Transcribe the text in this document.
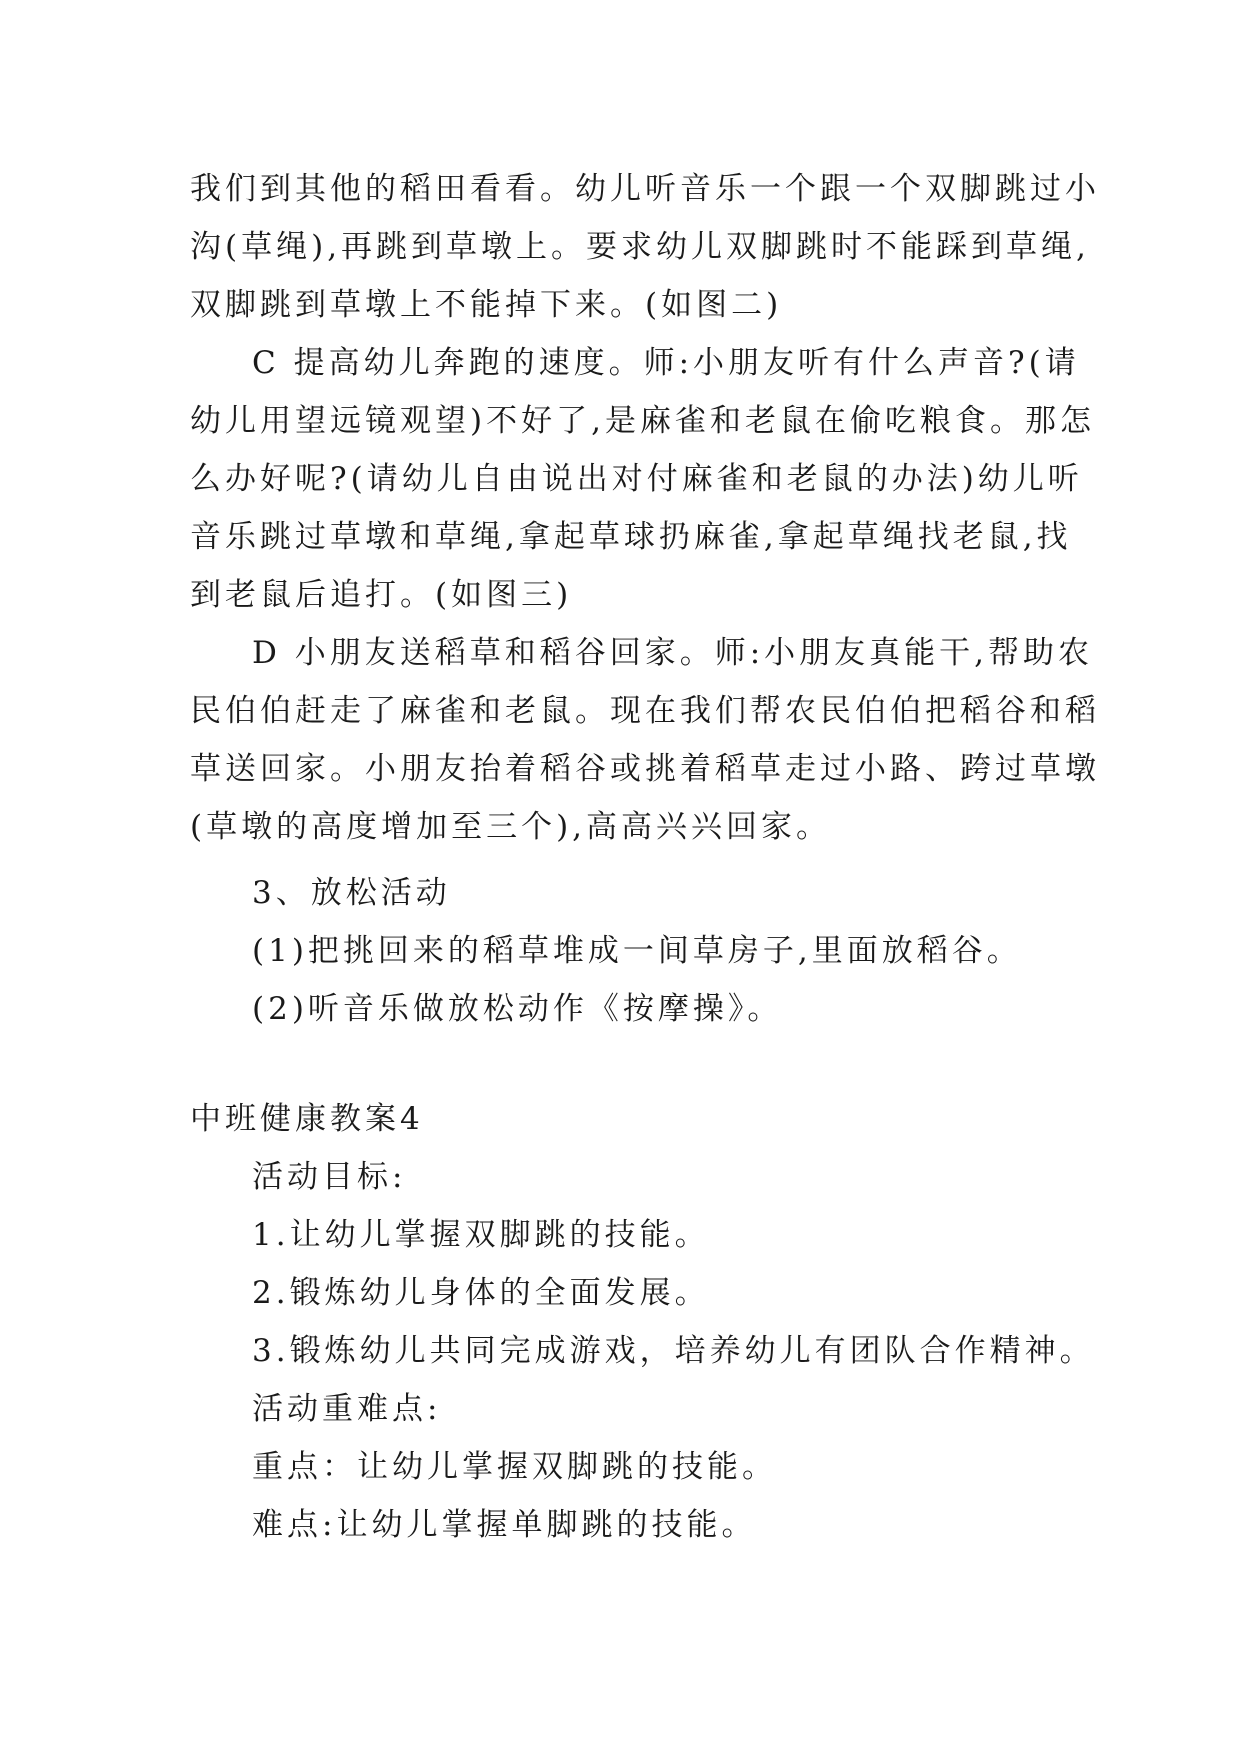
我们到其他的稻田看看。幼儿听音乐一个跟一个双脚跳过小
沟(草绳),再跳到草墩上。要求幼儿双脚跳时不能踩到草绳,
双脚跳到草墩上不能掉下来。(如图二)
C 提高幼儿奔跑的速度。师:小朋友听有什么声音?(请
幼儿用望远镜观望)不好了,是麻雀和老鼠在偷吃粮食。那怎
么办好呢?(请幼儿自由说出对付麻雀和老鼠的办法)幼儿听
音乐跳过草墩和草绳,拿起草球扔麻雀,拿起草绳找老鼠,找
到老鼠后追打。(如图三)
D 小朋友送稻草和稻谷回家。师:小朋友真能干,帮助农
民伯伯赶走了麻雀和老鼠。现在我们帮农民伯伯把稻谷和稻
草送回家。小朋友抬着稻谷或挑着稻草走过小路、跨过草墩
(草墩的高度增加至三个),高高兴兴回家。
3、放松活动
(1)把挑回来的稻草堆成一间草房子,里面放稻谷。
(2)听音乐做放松动作《按摩操》。
中班健康教案4
活动目标:
1.让幼儿掌握双脚跳的技能。
2.锻炼幼儿身体的全面发展。
3.锻炼幼儿共同完成游戏，培养幼儿有团队合作精神。
活动重难点:
重点：让幼儿掌握双脚跳的技能。
难点:让幼儿掌握单脚跳的技能。
